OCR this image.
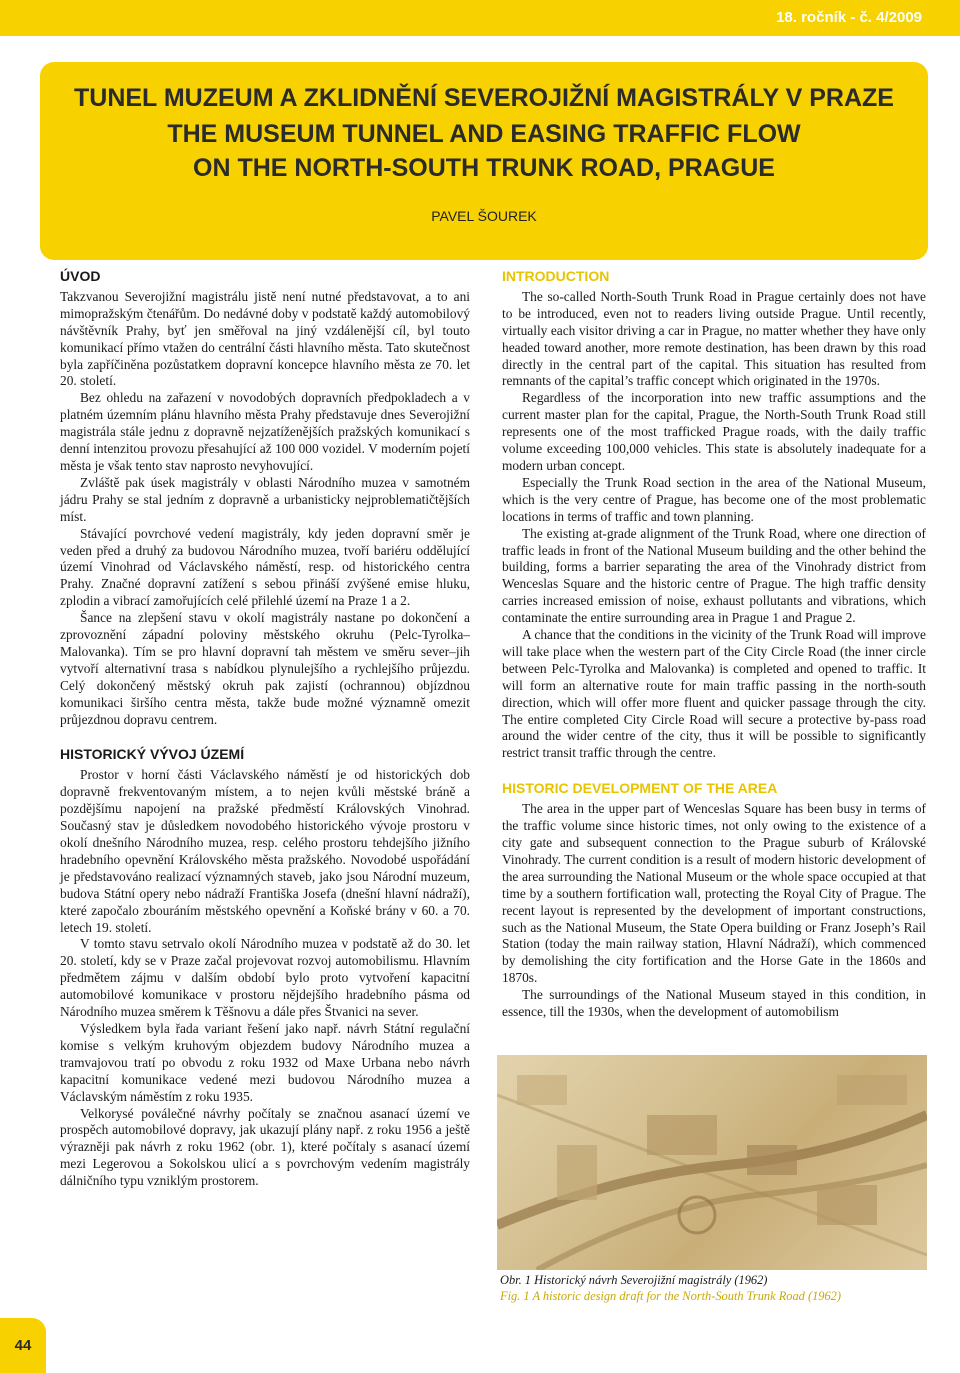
18. ročník - č. 4/2009
TUNEL MUZEUM A ZKLIDNĚNÍ SEVEROJIŽNÍ MAGISTRÁLY V PRAZE
THE MUSEUM TUNNEL AND EASING TRAFFIC FLOW
ON THE NORTH-SOUTH TRUNK ROAD, PRAGUE
PAVEL ŠOUREK
ÚVOD

Takzvanou Severojižní magistrálu jistě není nutné představovat, a to ani mimopražským čtenářům. Do nedávné doby v podstatě každý automobilový návštěvník Prahy, byť jen směřoval na jiný vzdálenější cíl, byl touto komunikací přímo vtažen do centrální části hlavního města. Tato skutečnost byla zapříčiněna pozůstatkem dopravní koncepce hlavního města ze 70. let 20. století.

Bez ohledu na zařazení v novodobých dopravních předpokladech a v platném územním plánu hlavního města Prahy představuje dnes Severojižní magistrála stále jednu z dopravně nejzatíženějších pražských komunikací s denní intenzitou provozu přesahující až 100 000 vozidel. V moderním pojetí města je však tento stav naprosto nevyhovující.

Zvláště pak úsek magistrály v oblasti Národního muzea v samotném jádru Prahy se stal jedním z dopravně a urbanisticky nejproblematičtějších míst.

Stávající povrchové vedení magistrály, kdy jeden dopravní směr je veden před a druhý za budovou Národního muzea, tvoří bariéru oddělující území Vinohrad od Václavského náměstí, resp. od historického centra Prahy. Značné dopravní zatížení s sebou přináší zvýšené emise hluku, zplodin a vibrací zamořujících celé přilehlé území na Praze 1 a 2.

Šance na zlepšení stavu v okolí magistrály nastane po dokončení a zprovoznění západní poloviny městského okruhu (Pelc-Tyrolka–Malovanka). Tím se pro hlavní dopravní tah městem ve směru sever–jih vytvoří alternativní trasa s nabídkou plynulejšího a rychlejšího průjezdu. Celý dokončený městský okruh pak zajistí (ochrannou) objízdnou komunikaci širšího centra města, takže bude možné významně omezit průjezdnou dopravu centrem.

HISTORICKÝ VÝVOJ ÚZEMÍ

Prostor v horní části Václavského náměstí je od historických dob dopravně frekventovaným místem, a to nejen kvůli městské bráně a pozdějšímu napojení na pražské předměstí Královských Vinohrad. Současný stav je důsledkem novodobého historického vývoje prostoru v okolí dnešního Národního muzea, resp. celého prostoru tehdejšího jižního hradebního opevnění Královského města pražského. Novodobé uspořádání je představováno realizací významných staveb, jako jsou Národní muzeum, budova Státní opery nebo nádraží Františka Josefa (dnešní hlavní nádraží), které započalo zbouráním městského opevnění a Koňské brány v 60. a 70. letech 19. století.

V tomto stavu setrvalo okolí Národního muzea v podstatě až do 30. let 20. století, kdy se v Praze začal projevovat rozvoj automobilismu. Hlavním předmětem zájmu v dalším období bylo proto vytvoření kapacitní automobilové komunikace v prostoru nějdejšího hradebního pásma od Národního muzea směrem k Těšnovu a dále přes Štvanici na sever.

Výsledkem byla řada variant řešení jako např. návrh Státní regulační komise s velkým kruhovým objezdem budovy Národního muzea a tramvajovou tratí po obvodu z roku 1932 od Maxe Urbana nebo návrh kapacitní komunikace vedené mezi budovou Národního muzea a Václavským náměstím z roku 1935.

Velkorysé poválečné návrhy počítaly se značnou asanací území ve prospěch automobilové dopravy, jak ukazují plány např. z roku 1956 a ještě výrazněji pak návrh z roku 1962 (obr. 1), které počítaly s asanací území mezi Legerovou a Sokolskou ulicí a s povrchovým vedením magistrály dálničního typu vzniklým prostorem.

INTRODUCTION

The so-called North-South Trunk Road in Prague certainly does not have to be introduced, even not to readers living outside Prague. Until recently, virtually each visitor driving a car in Prague, no matter whether they have only headed toward another, more remote destination, has been drawn by this road directly in the central part of the capital. This situation has resulted from remnants of the capital’s traffic concept which originated in the 1970s.

Regardless of the incorporation into new traffic assumptions and the current master plan for the capital, Prague, the North-South Trunk Road still represents one of the most trafficked Prague roads, with the daily traffic volume exceeding 100,000 vehicles. This state is absolutely inadequate for a modern urban concept.

Especially the Trunk Road section in the area of the National Museum, which is the very centre of Prague, has become one of the most problematic locations in terms of traffic and town planning.

The existing at-grade alignment of the Trunk Road, where one direction of traffic leads in front of the National Museum building and the other behind the building, forms a barrier separating the area of the Vinohrady district from Wenceslas Square and the historic centre of Prague. The high traffic density carries increased emission of noise, exhaust pollutants and vibrations, which contaminate the entire surrounding area in Prague 1 and Prague 2.

A chance that the conditions in the vicinity of the Trunk Road will improve will take place when the western part of the City Circle Road (the inner circle between Pelc-Tyrolka and Malovanka) is completed and opened to traffic. It will form an alternative route for main traffic passing in the north-south direction, which will offer more fluent and quicker passage through the city. The entire completed City Circle Road will secure a protective by-pass road around the wider centre of the city, thus it will be possible to significantly restrict transit traffic through the centre.

HISTORIC DEVELOPMENT OF THE AREA

The area in the upper part of Wenceslas Square has been busy in terms of the traffic volume since historic times, not only owing to the existence of a city gate and subsequent connection to the Prague suburb of Královské Vinohrady. The current condition is a result of modern historic development of the area surrounding the National Museum or the whole space occupied at that time by a southern fortification wall, protecting the Royal City of Prague. The recent layout is represented by the development of important constructions, such as the National Museum, the State Opera building or Franz Joseph’s Rail Station (today the main railway station, Hlavní Nádraží), which commenced by demolishing the city fortification and the Horse Gate in the 1860s and 1870s.

The surroundings of the National Museum stayed in this condition, in essence, till the 1930s, when the development of automobilism

Obr. 1 Historický návrh Severojižní magistrály (1962)
Fig. 1 A historic design draft for the North-South Trunk Road (1962)
44
